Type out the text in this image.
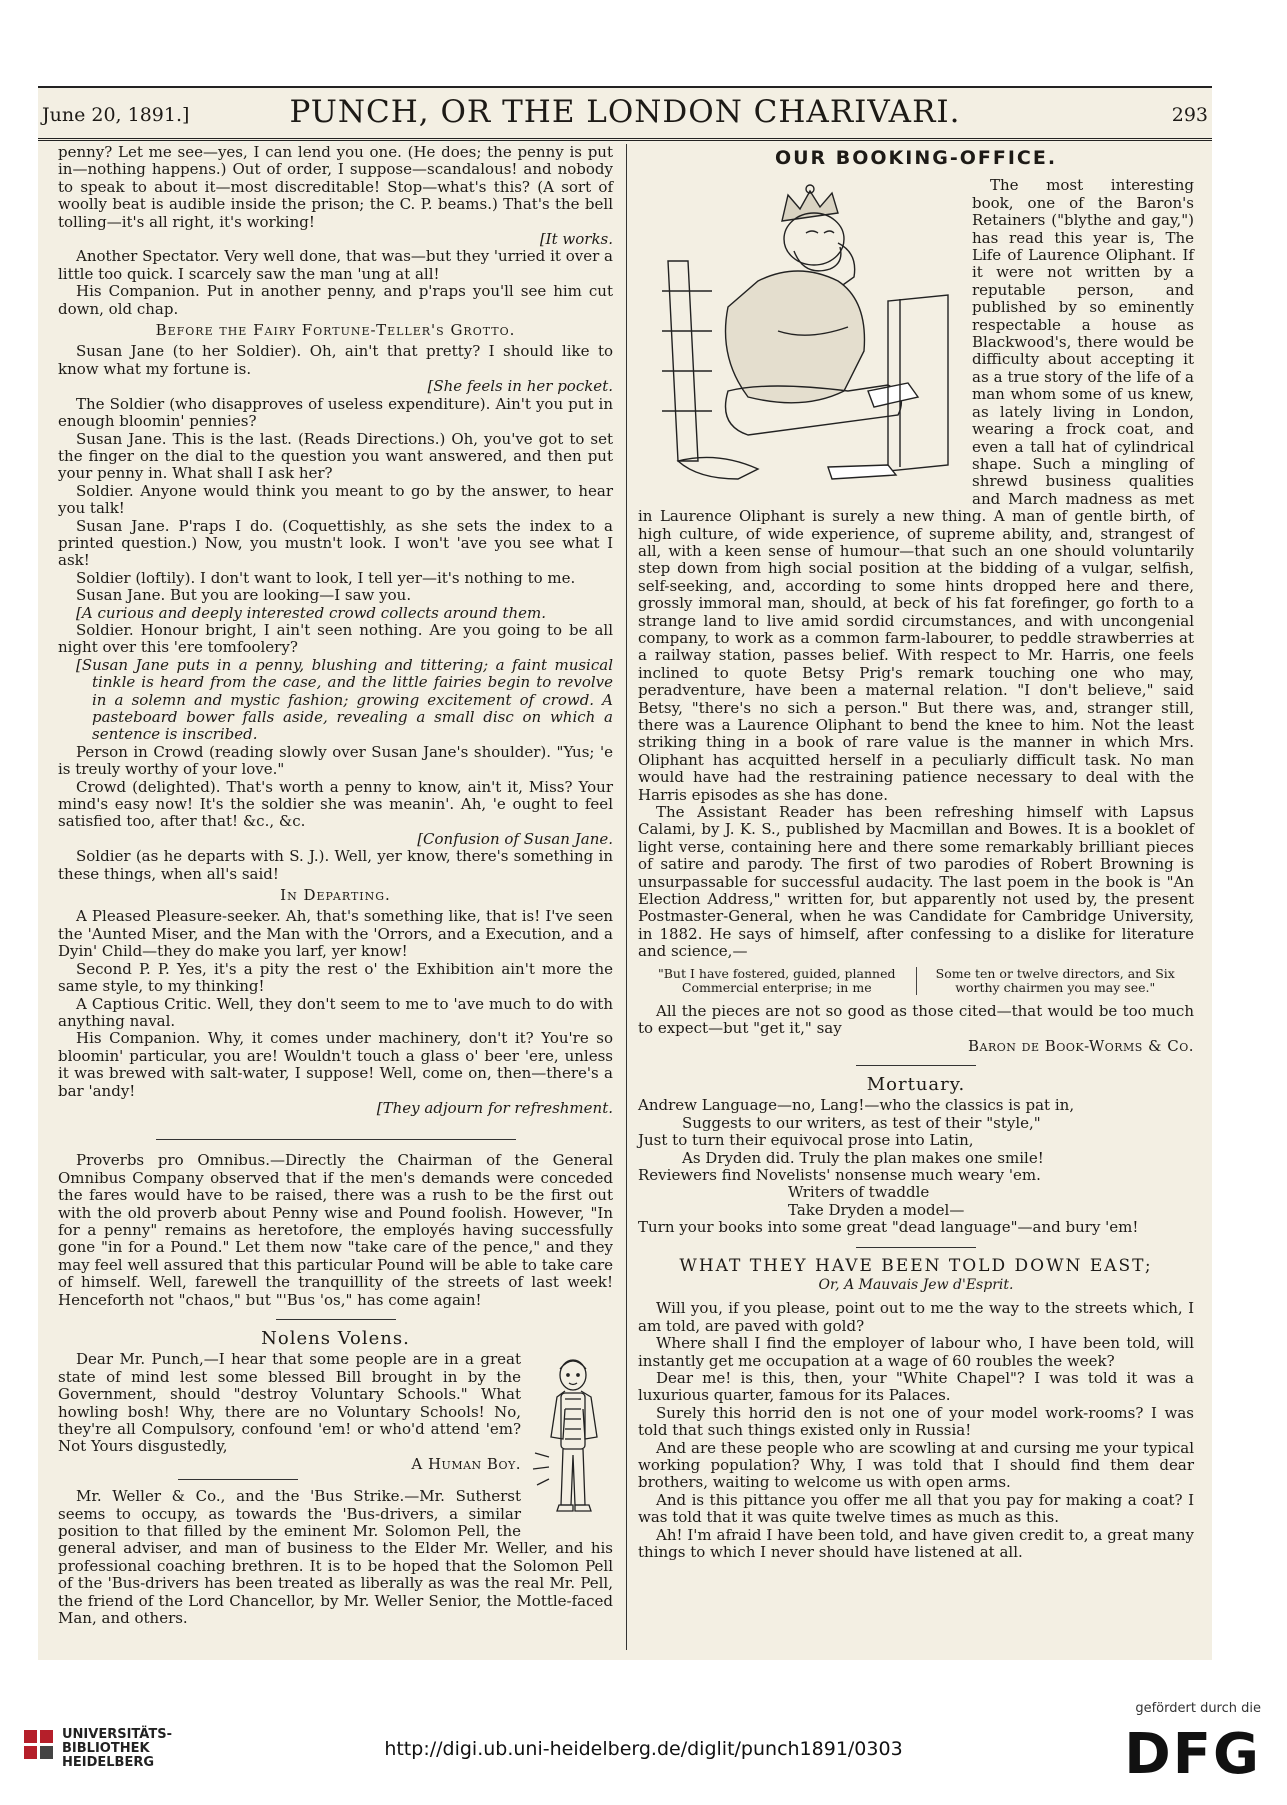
June 20, 1891.]	PUNCH, OR THE LONDON CHARIVARI.	293

penny? Let me see—yes, I can lend you one. (He does; the penny is put in—nothing happens.) Out of order, I suppose—scandalous! and nobody to speak to about it—most discreditable! Stop—what's this? (A sort of woolly beat is audible inside the prison; the C. P. beams.) That's the bell tolling—it's all right, it's working!

[It works.

Another Spectator. Very well done, that was—but they 'urried it over a little too quick. I scarcely saw the man 'ung at all!

His Companion. Put in another penny, and p'raps you'll see him cut down, old chap.

Before the Fairy Fortune-Teller's Grotto.

Susan Jane (to her Soldier). Oh, ain't that pretty? I should like to know what my fortune is.

[She feels in her pocket.

The Soldier (who disapproves of useless expenditure). Ain't you put in enough bloomin' pennies?

Susan Jane. This is the last. (Reads Directions.) Oh, you've got to set the finger on the dial to the question you want answered, and then put your penny in. What shall I ask her?

Soldier. Anyone would think you meant to go by the answer, to hear you talk!

Susan Jane. P'raps I do. (Coquettishly, as she sets the index to a printed question.) Now, you mustn't look. I won't 'ave you see what I ask!

Soldier (loftily). I don't want to look, I tell yer—it's nothing to me.

Susan Jane. But you are looking—I saw you.

[A curious and deeply interested crowd collects around them.

Soldier. Honour bright, I ain't seen nothing. Are you going to be all night over this 'ere tomfoolery?

[Susan Jane puts in a penny, blushing and tittering; a faint musical tinkle is heard from the case, and the little fairies begin to revolve in a solemn and mystic fashion; growing excitement of crowd. A pasteboard bower falls aside, revealing a small disc on which a sentence is inscribed.

Person in Crowd (reading slowly over Susan Jane's shoulder). "Yus; 'e is treuly worthy of your love."

Crowd (delighted). That's worth a penny to know, ain't it, Miss? Your mind's easy now! It's the soldier she was meanin'. Ah, 'e ought to feel satisfied too, after that! &c., &c.

[Confusion of Susan Jane.

Soldier (as he departs with S. J.). Well, yer know, there's something in these things, when all's said!

In Departing.

A Pleased Pleasure-seeker. Ah, that's something like, that is! I've seen the 'Aunted Miser, and the Man with the 'Orrors, and a Execution, and a Dyin' Child—they do make you larf, yer know!

Second P. P. Yes, it's a pity the rest o' the Exhibition ain't more the same style, to my thinking!

A Captious Critic. Well, they don't seem to me to 'ave much to do with anything naval.

His Companion. Why, it comes under machinery, don't it? You're so bloomin' particular, you are! Wouldn't touch a glass o' beer 'ere, unless it was brewed with salt-water, I suppose! Well, come on, then—there's a bar 'andy!

[They adjourn for refreshment.

Proverbs pro Omnibus.—Directly the Chairman of the General Omnibus Company observed that if the men's demands were conceded the fares would have to be raised, there was a rush to be the first out with the old proverb about Penny wise and Pound foolish. However, "In for a penny" remains as heretofore, the employés having successfully gone "in for a Pound." Let them now "take care of the pence," and they may feel well assured that this particular Pound will be able to take care of himself. Well, farewell the tranquillity of the streets of last week! Henceforth not "chaos," but "'Bus 'os," has come again!

Nolens Volens.

Dear Mr. Punch,—I hear that some people are in a great state of mind lest some blessed Bill brought in by the Government, should "destroy Voluntary Schools." What howling bosh! Why, there are no Voluntary Schools! No, they're all Compulsory, confound 'em! or who'd attend 'em? Not Yours disgustedly,

A Human Boy.

Mr. Weller & Co., and the 'Bus Strike.—Mr. Sutherst seems to occupy, as towards the 'Bus-drivers, a similar position to that filled by the eminent Mr. Solomon Pell, the general adviser, and man of business to the Elder Mr. Weller, and his professional coaching brethren. It is to be hoped that the Solomon Pell of the 'Bus-drivers has been treated as liberally as was the real Mr. Pell, the friend of the Lord Chancellor, by Mr. Weller Senior, the Mottle-faced Man, and others.

OUR BOOKING-OFFICE.

The most interesting book, one of the Baron's Retainers ("blythe and gay,") has read this year is, The Life of Laurence Oliphant. If it were not written by a reputable person, and published by so eminently respectable a house as Blackwood's, there would be difficulty about accepting it as a true story of the life of a man whom some of us knew, as lately living in London, wearing a frock coat, and even a tall hat of cylindrical shape. Such a mingling of shrewd business qualities and March madness as met in Laurence Oliphant is surely a new thing. A man of gentle birth, of high culture, of wide experience, of supreme ability, and, strangest of all, with a keen sense of humour—that such an one should voluntarily step down from high social position at the bidding of a vulgar, selfish, self-seeking, and, according to some hints dropped here and there, grossly immoral man, should, at beck of his fat forefinger, go forth to a strange land to live amid sordid circumstances, and with uncongenial company, to work as a common farm-labourer, to peddle strawberries at a railway station, passes belief. With respect to Mr. Harris, one feels inclined to quote Betsy Prig's remark touching one who may, peradventure, have been a maternal relation. "I don't believe," said Betsy, "there's no sich a person." But there was, and, stranger still, there was a Laurence Oliphant to bend the knee to him. Not the least striking thing in a book of rare value is the manner in which Mrs. Oliphant has acquitted herself in a peculiarly difficult task. No man would have had the restraining patience necessary to deal with the Harris episodes as she has done.

The Assistant Reader has been refreshing himself with Lapsus Calami, by J. K. S., published by Macmillan and Bowes. It is a booklet of light verse, containing here and there some remarkably brilliant pieces of satire and parody. The first of two parodies of Robert Browning is unsurpassable for successful audacity. The last poem in the book is "An Election Address," written for, but apparently not used by, the present Postmaster-General, when he was Candidate for Cambridge University, in 1882. He says of himself, after confessing to a dislike for literature and science,—

"But I have fostered, guided, planned Commercial enterprise; in me
Some ten or twelve directors, and Six worthy chairmen you may see."

All the pieces are not so good as those cited—that would be too much to expect—but "get it," say

Baron de Book-Worms & Co.

Mortuary.

Andrew Language—no, Lang!—who the classics is pat in,

Suggests to our writers, as test of their "style,"

Just to turn their equivocal prose into Latin,

As Dryden did. Truly the plan makes one smile!

Reviewers find Novelists' nonsense much weary 'em.

Writers of twaddle

Take Dryden a model—

Turn your books into some great "dead language"—and bury 'em!

WHAT THEY HAVE BEEN TOLD DOWN EAST;
Or, A Mauvais Jew d'Esprit.

Will you, if you please, point out to me the way to the streets which, I am told, are paved with gold?

Where shall I find the employer of labour who, I have been told, will instantly get me occupation at a wage of 60 roubles the week?

Dear me! is this, then, your "White Chapel"? I was told it was a luxurious quarter, famous for its Palaces.

Surely this horrid den is not one of your model work-rooms? I was told that such things existed only in Russia!

And are these people who are scowling at and cursing me your typical working population? Why, I was told that I should find them dear brothers, waiting to welcome us with open arms.

And is this pittance you offer me all that you pay for making a coat? I was told that it was quite twelve times as much as this.

Ah! I'm afraid I have been told, and have given credit to, a great many things to which I never should have listened at all.

UNIVERSITÄTS-
BIBLIOTHEK
HEIDELBERG
http://digi.ub.uni-heidelberg.de/diglit/punch1891/0303
gefördert durch die
DFG
